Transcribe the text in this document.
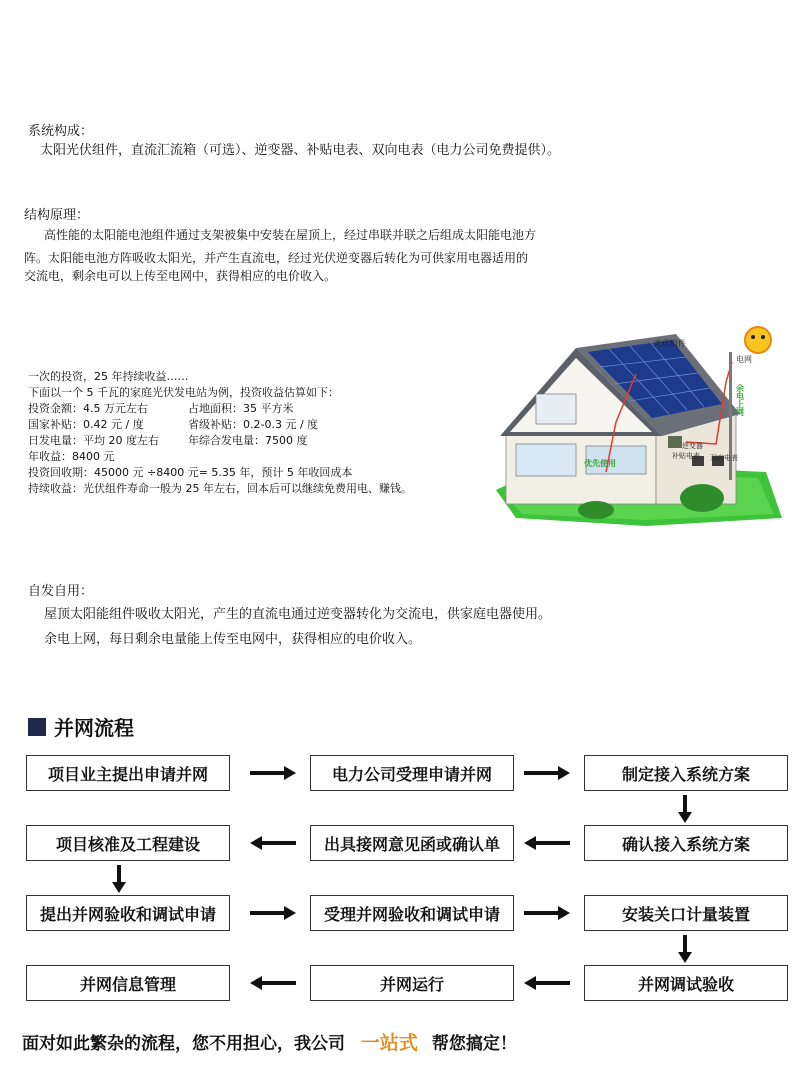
系统构成：
太阳光伏组件，直流汇流箱（可选）、逆变器、补贴电表、双向电表（电力公司免费提供）。
结构原理：
高性能的太阳能电池组件通过支架被集中安装在屋顶上，经过串联并联之后组成太阳能电池方
阵。太阳能电池方阵吸收太阳光，并产生直流电，经过光伏逆变器后转化为可供家用电器适用的
交流电，剩余电可以上传至电网中，获得相应的电价收入。
一次的投资，25 年持续收益……
下面以一个 5 千瓦的家庭光伏发电站为例，投资收益估算如下：
投资金额：4.5 万元左右	占地面积：35 平方米
国家补贴：0.42 元 / 度	省级补贴：0.2-0.3 元 / 度
日发电量：平均 20 度左右	年综合发电量：7500 度
年收益：8400 元
投资回收期：45000 元 ÷8400 元= 5.35 年，预计 5 年收回成本
持续收益：光伏组件寿命一般为 25 年左右，回本后可以继续免费用电、赚钱。
光伏组件
电网
余电上网
逆变器
补贴电表 双向电表
优先使用
自发自用：
屋顶太阳能组件吸收太阳光，产生的直流电通过逆变器转化为交流电，供家庭电器使用。
余电上网，每日剩余电量能上传至电网中，获得相应的电价收入。
并网流程
项目业主提出申请并网	电力公司受理申请并网	制定接入系统方案
确认接入系统方案
出具接网意见函或确认单
项目核准及工程建设
提出并网验收和调试申请	受理并网验收和调试申请	安装关口计量装置
并网调试验收
并网运行
并网信息管理
面对如此繁杂的流程，您不用担心，我公司 一站式 帮您搞定！
